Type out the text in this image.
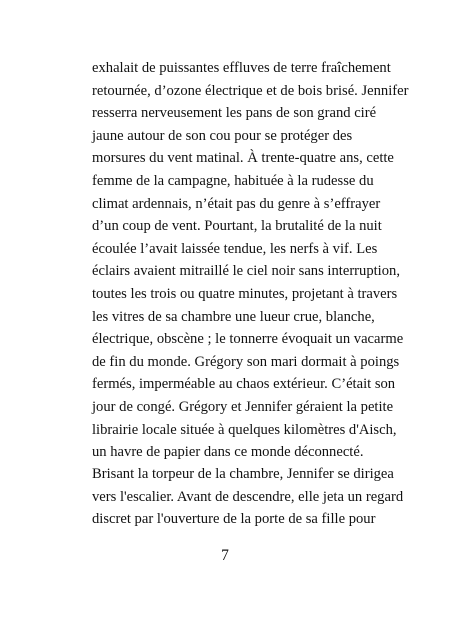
exhalait de puissantes effluves de terre fraîchement
retournée, d’ozone électrique et de bois brisé. Jennifer
resserra nerveusement les pans de son grand ciré
jaune autour de son cou pour se protéger des
morsures du vent matinal. À trente-quatre ans, cette
femme de la campagne, habituée à la rudesse du
climat ardennais, n’était pas du genre à s’effrayer
d’un coup de vent. Pourtant, la brutalité de la nuit
écoulée l’avait laissée tendue, les nerfs à vif. Les
éclairs avaient mitraillé le ciel noir sans interruption,
toutes les trois ou quatre minutes, projetant à travers
les vitres de sa chambre une lueur crue, blanche,
électrique, obscène ; le tonnerre évoquait un vacarme
de fin du monde. Grégory son mari dormait à poings
fermés, imperméable au chaos extérieur. C’était son
jour de congé. Grégory et Jennifer géraient la petite
librairie locale située à quelques kilomètres d'Aisch,
un havre de papier dans ce monde déconnecté.
Brisant la torpeur de la chambre, Jennifer se dirigea
vers l'escalier. Avant de descendre, elle jeta un regard
discret par l'ouverture de la porte de sa fille pour
7
